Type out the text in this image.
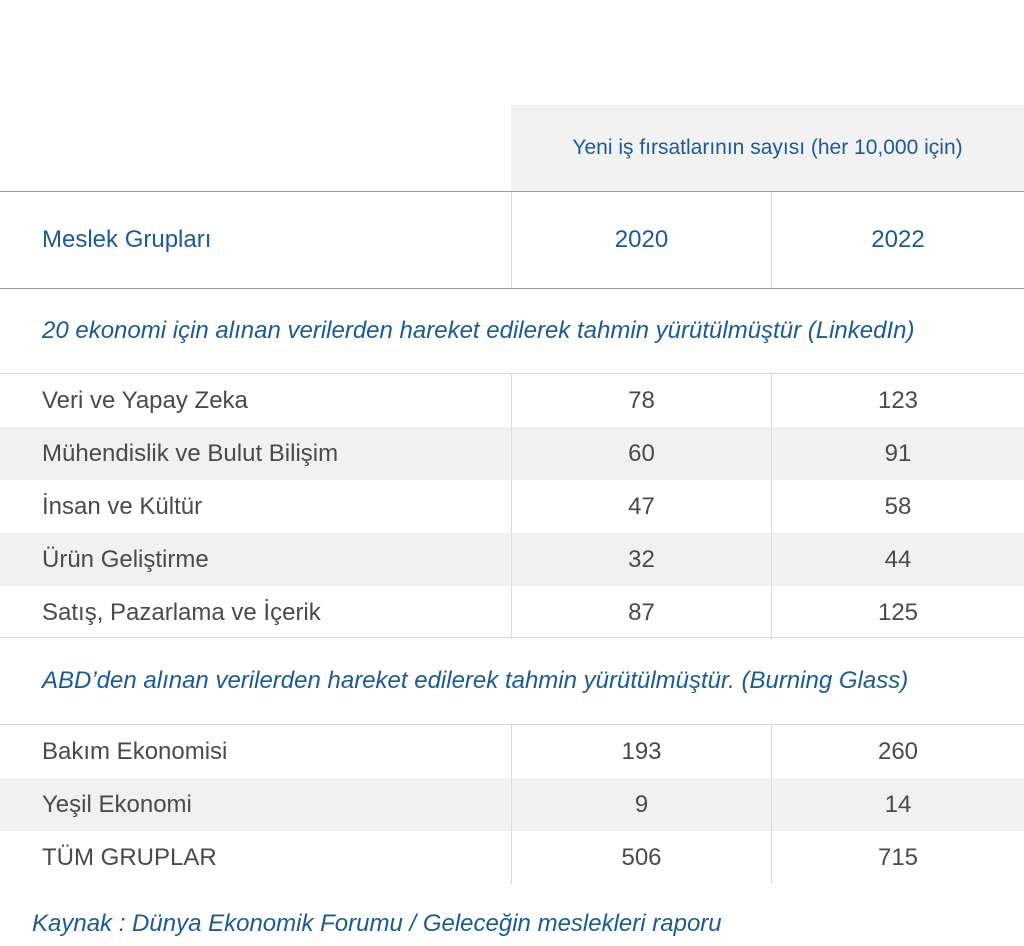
Yeni iş fırsatlarının sayısı (her 10,000 için)
Meslek Grupları	2020	2022
20 ekonomi için alınan verilerden hareket edilerek tahmin yürütülmüştür (LinkedIn)
Veri ve Yapay Zeka	78	123
Mühendislik ve Bulut Bilişim	60	91
İnsan ve Kültür	47	58
Ürün Geliştirme	32	44
Satış, Pazarlama ve İçerik	87	125
ABD’den alınan verilerden hareket edilerek tahmin yürütülmüştür. (Burning Glass)
Bakım Ekonomisi	193	260
Yeşil Ekonomi	9	14
TÜM GRUPLAR	506	715
Kaynak : Dünya Ekonomik Forumu / Geleceğin meslekleri raporu
